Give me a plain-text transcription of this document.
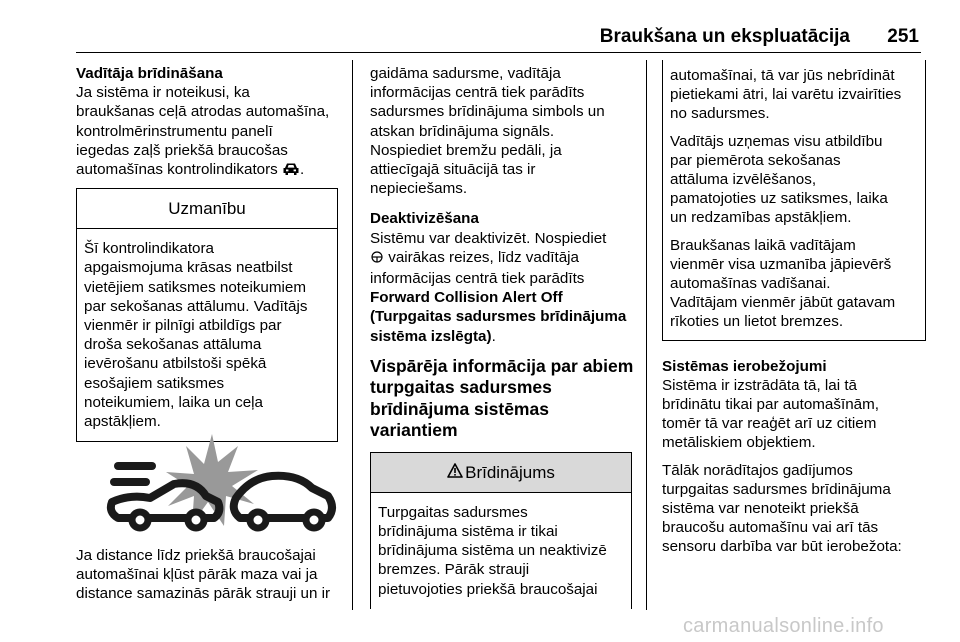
Braukšana un ekspluatācija 251

Vadītāja brīdināšana

Ja sistēma ir noteikusi, ka

braukšanas ceļā atrodas automašīna,

kontrolmērinstrumentu panelī

iegedas zaļš priekšā braucošas

automašīnas kontrolindikators .

Uzmanību

Šī kontrolindikatora

apgaismojuma krāsas neatbilst

vietējiem satiksmes noteikumiem

par sekošanas attālumu. Vadītājs

vienmēr ir pilnīgi atbildīgs par

droša sekošanas attāluma

ievērošanu atbilstoši spēkā

esošajiem satiksmes

noteikumiem, laika un ceļa

apstākļiem.

Ja distance līdz priekšā braucošajai

automašīnai kļūst pārāk maza vai ja

distance samazinās pārāk strauji un ir

gaidāma sadursme, vadītāja

informācijas centrā tiek parādīts

sadursmes brīdinājuma simbols un

atskan brīdinājuma signāls.

Nospiediet bremžu pedāli, ja

attiecīgajā situācijā tas ir

nepieciešams.

Deaktivizēšana

Sistēmu var deaktivizēt. Nospiediet

vairākas reizes, līdz vadītāja

informācijas centrā tiek parādīts

Forward Collision Alert Off

(Turpgaitas sadursmes brīdinājuma

sistēma izslēgta).

Vispārēja informācija par abiem

turpgaitas sadursmes

brīdinājuma sistēmas variantiem

Brīdinājums

Turpgaitas sadursmes

brīdinājuma sistēma ir tikai

brīdinājuma sistēma un neaktivizē

bremzes. Pārāk strauji

pietuvojoties priekšā braucošajai

automašīnai, tā var jūs nebrīdināt

pietiekami ātri, lai varētu izvairīties

no sadursmes.

Vadītājs uzņemas visu atbildību

par piemērota sekošanas

attāluma izvēlēšanos,

pamatojoties uz satiksmes, laika

un redzamības apstākļiem.

Braukšanas laikā vadītājam

vienmēr visa uzmanība jāpievērš

automašīnas vadīšanai.

Vadītājam vienmēr jābūt gatavam

rīkoties un lietot bremzes.

Sistēmas ierobežojumi

Sistēma ir izstrādāta tā, lai tā

brīdinātu tikai par automašīnām,

tomēr tā var reaģēt arī uz citiem

metāliskiem objektiem.

Tālāk norādītajos gadījumos

turpgaitas sadursmes brīdinājuma

sistēma var nenoteikt priekšā

braucošu automašīnu vai arī tās

sensoru darbība var būt ierobežota:

carmanualsonline.info
